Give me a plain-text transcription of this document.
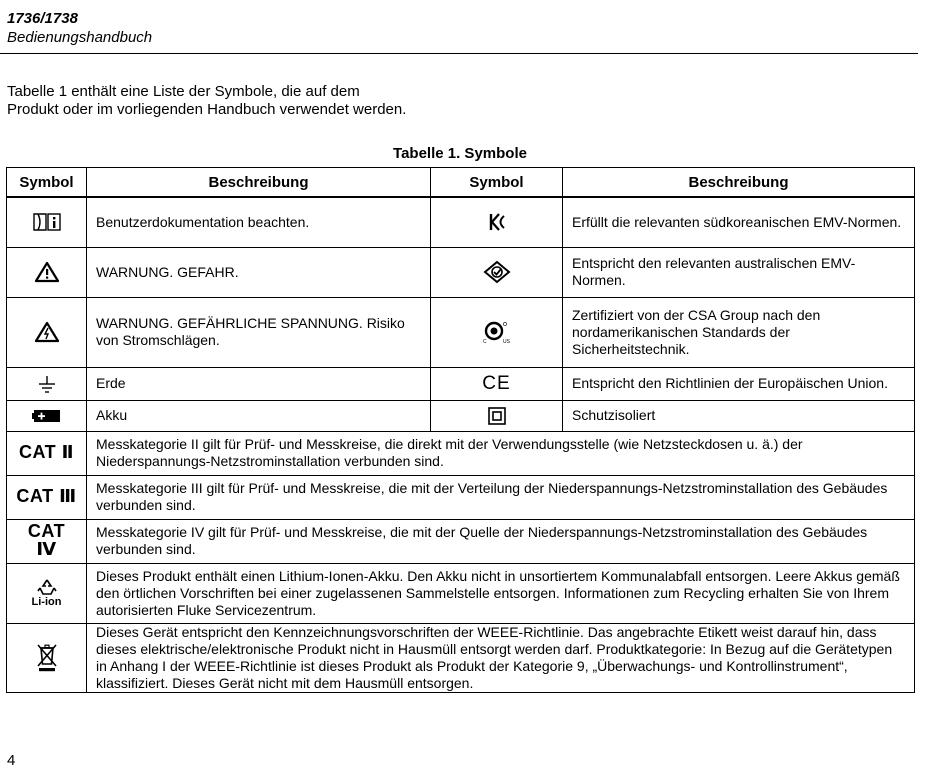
1736/1738
Bedienungshandbuch
Tabelle 1 enthält eine Liste der Symbole, die auf dem Produkt oder im vorliegenden Handbuch verwendet werden.
Tabelle 1. Symbole
Symbol	Beschreibung	Symbol	Beschreibung
	Benutzerdokumentation beachten.		Erfüllt die relevanten südkoreanischen EMV-Normen.
	WARNUNG. GEFAHR.		Entspricht den relevanten australischen EMV-Normen.
	WARNUNG. GEFÄHRLICHE SPANNUNG. Risiko von Stromschlägen.	C US	Zertifiziert von der CSA Group nach den nordamerikanischen Standards der Sicherheitstechnik.
	Erde	CE	Entspricht den Richtlinien der Europäischen Union.
	Akku		Schutzisoliert
CAT Ⅱ	Messkategorie II gilt für Prüf- und Messkreise, die direkt mit der Verwendungsstelle (wie Netzsteckdosen u. ä.) der Niederspannungs-Netzstrominstallation verbunden sind.		
CAT Ⅲ	Messkategorie III gilt für Prüf- und Messkreise, die mit der Verteilung der Niederspannungs-Netzstrominstallation des Gebäudes verbunden sind.		
CAT Ⅳ	Messkategorie IV gilt für Prüf- und Messkreise, die mit der Quelle der Niederspannungs-Netzstrominstallation des Gebäudes verbunden sind.		

Li-ion	Dieses Produkt enthält einen Lithium-Ionen-Akku. Den Akku nicht in unsortiertem Kommunalabfall entsorgen. Leere Akkus gemäß den örtlichen Vorschriften bei einer zugelassenen Sammelstelle entsorgen. Informationen zum Recycling erhalten Sie von Ihrem autorisierten Fluke Servicezentrum.		
	Dieses Gerät entspricht den Kennzeichnungsvorschriften der WEEE-Richtlinie. Das angebrachte Etikett weist darauf hin, dass dieses elektrische/elektronische Produkt nicht in Hausmüll entsorgt werden darf. Produktkategorie: In Bezug auf die Gerätetypen in Anhang I der WEEE-Richtlinie ist dieses Produkt als Produkt der Kategorie 9, „Überwachungs- und Kontrollinstrument“, klassifiziert. Dieses Gerät nicht mit dem Hausmüll entsorgen.		
4
